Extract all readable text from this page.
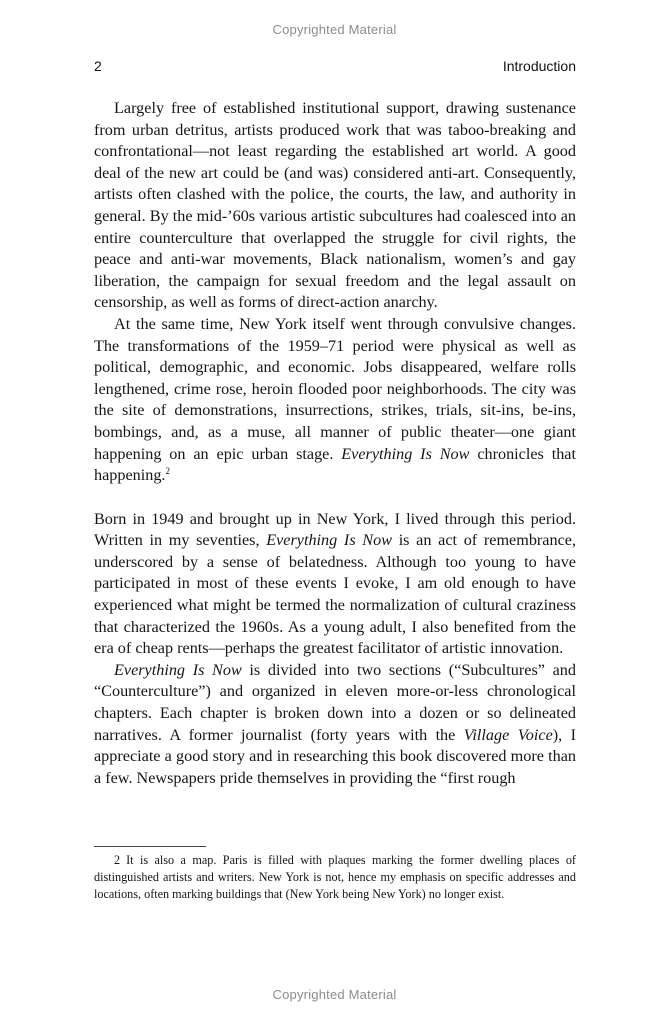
Copyrighted Material
2	Introduction

Largely free of established institutional support, drawing sustenance from urban detritus, artists produced work that was taboo-breaking and confrontational—not least regarding the established art world. A good deal of the new art could be (and was) considered anti-art. Consequently, artists often clashed with the police, the courts, the law, and authority in general. By the mid-’60s various artistic subcultures had coalesced into an entire counterculture that overlapped the struggle for civil rights, the peace and anti-war movements, Black nationalism, women’s and gay liberation, the campaign for sexual freedom and the legal assault on censorship, as well as forms of direct-action anarchy.

At the same time, New York itself went through convulsive changes. The transformations of the 1959–71 period were physical as well as political, demographic, and economic. Jobs disappeared, welfare rolls lengthened, crime rose, heroin flooded poor neighborhoods. The city was the site of demonstrations, insurrections, strikes, trials, sit-ins, be-ins, bombings, and, as a muse, all manner of public theater—one giant happening on an epic urban stage. Everything Is Now chronicles that happening.$^2$

Born in 1949 and brought up in New York, I lived through this period. Written in my seventies, Everything Is Now is an act of remembrance, underscored by a sense of belatedness. Although too young to have participated in most of these events I evoke, I am old enough to have experienced what might be termed the normalization of cultural craziness that characterized the 1960s. As a young adult, I also benefited from the era of cheap rents—perhaps the greatest facilitator of artistic innovation.

Everything Is Now is divided into two sections (“Subcultures” and “Counterculture”) and organized in eleven more-or-less chronological chapters. Each chapter is broken down into a dozen or so delineated narratives. A former journalist (forty years with the Village Voice), I appreciate a good story and in researching this book discovered more than a few. Newspapers pride themselves in providing the “first rough

2 It is also a map. Paris is filled with plaques marking the former dwelling places of distinguished artists and writers. New York is not, hence my emphasis on specific addresses and locations, often marking buildings that (New York being New York) no longer exist.
Copyrighted Material
